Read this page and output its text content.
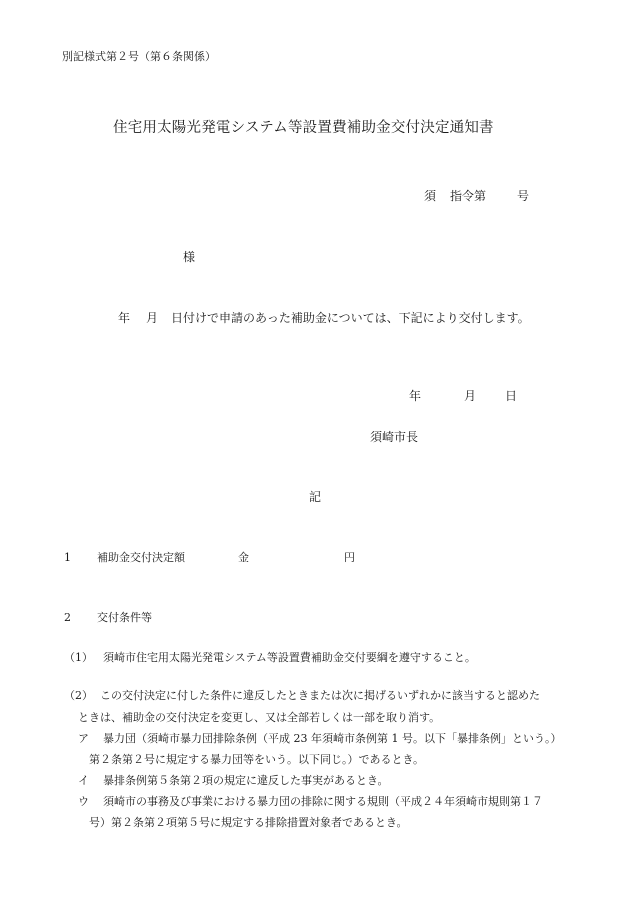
別記様式第２号（第６条関係）
住宅用太陽光発電システム等設置費補助金交付決定通知書
須 指令第	号
様
年 月 日付けで申請のあった補助金については、下記により交付します。
年	月 日
須崎市長
記
1 補助金交付決定額	金	円
2 交付条件等
（1） 須崎市住宅用太陽光発電システム等設置費補助金交付要綱を遵守すること。
（2） この交付決定に付した条件に違反したときまたは次に掲げるいずれかに該当すると認めた
ときは、補助金の交付決定を変更し、又は全部若しくは一部を取り消す。
ア 暴力団（須崎市暴力団排除条例（平成 23 年須崎市条例第 1 号。以下「暴排条例」という。）
第２条第２号に規定する暴力団等をいう。以下同じ。）であるとき。
イ 暴排条例第５条第２項の規定に違反した事実があるとき。
ウ 須崎市の事務及び事業における暴力団の排除に関する規則（平成２４年須崎市規則第１７
号）第２条第２項第５号に規定する排除措置対象者であるとき。
